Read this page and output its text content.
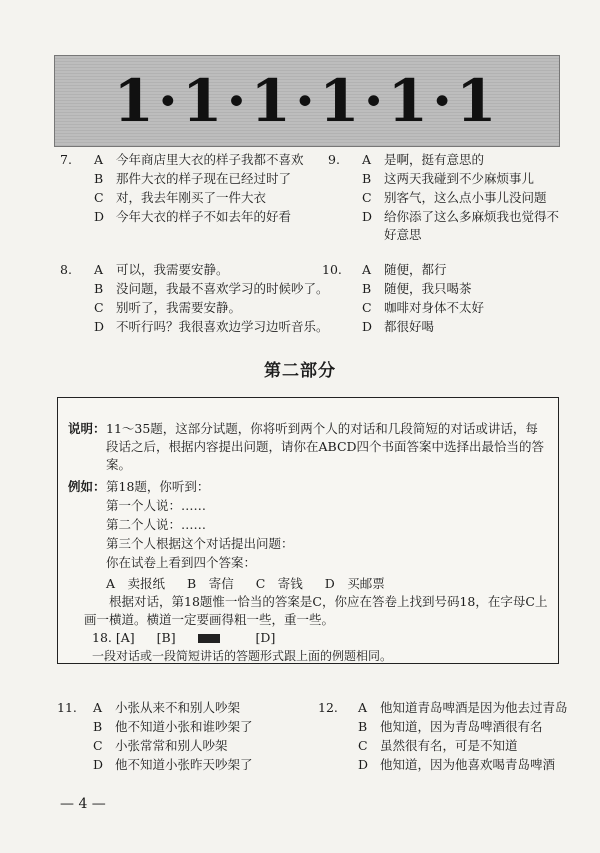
1·1·1·1·1·1
7.	A 今年商店里大衣的样子我都不喜欢
B 那件大衣的样子现在已经过时了
C 对，我去年刚买了一件大衣
D 今年大衣的样子不如去年的好看
9.	A 是啊，挺有意思的
B 这两天我碰到不少麻烦事儿
C 别客气，这么点小事儿没问题
D 给你添了这么多麻烦我也觉得不好意思
8.	A 可以，我需要安静。
B 没问题，我最不喜欢学习的时候吵了。
C 别听了，我需要安静。
D 不听行吗？我很喜欢边学习边听音乐。
10.	A 随便，都行
B 随便，我只喝茶
C 咖啡对身体不太好
D 都很好喝
第二部分

说明： 11～35题，这部分试题，你将听到两个人的对话和几段简短的对话或讲话，每段话之后，根据内容提出问题，请你在ABCD四个书面答案中选择出最恰当的答案。

例如： 第18题，你听到：

第一个人说：……

第二个人说：……

第三个人根据这个对话提出问题：

你在试卷上看到四个答案：

A　卖报纸 B　寄信 C　寄钱 D　买邮票

根据对话，第18题惟一恰当的答案是C，你应在答卷上找到号码18，在字母C上画一横道。横道一定要画得粗一些，重一些。

18. [A] [B]	[D]

一段对话或一段简短讲话的答题形式跟上面的例题相同。

11.	A 小张从来不和别人吵架
B 他不知道小张和谁吵架了
C 小张常常和别人吵架
D 他不知道小张昨天吵架了
12.	A 他知道青岛啤酒是因为他去过青岛
B 他知道，因为青岛啤酒很有名
C 虽然很有名，可是不知道
D 他知道，因为他喜欢喝青岛啤酒
— 4 —
